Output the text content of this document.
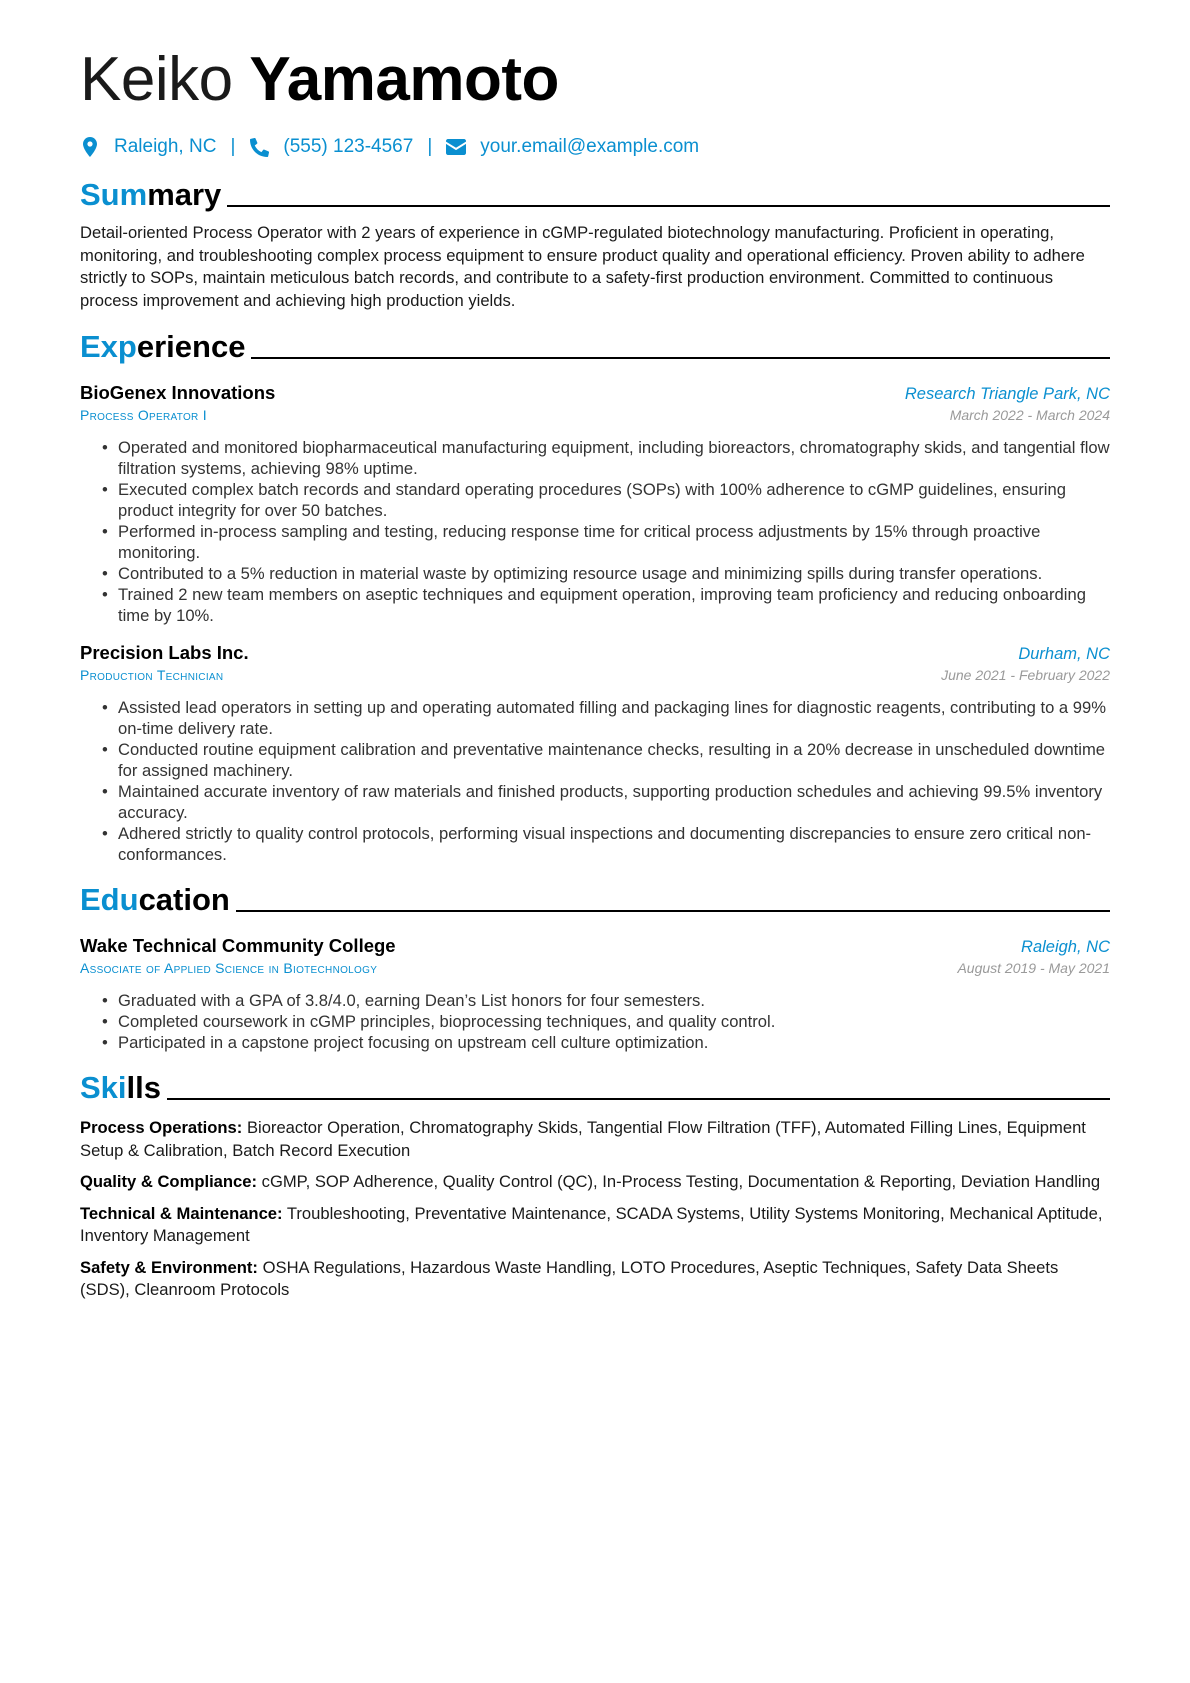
Keiko Yamamoto
Raleigh, NC |	(555) 123-4567 |	your.email@example.com
Summary

Detail-oriented Process Operator with 2 years of experience in cGMP-regulated biotechnology manufacturing. Proficient in operating, monitoring, and troubleshooting complex process equipment to ensure product quality and operational efficiency. Proven ability to adhere strictly to SOPs, maintain meticulous batch records, and contribute to a safety-first production environment. Committed to continuous process improvement and achieving high production yields.

Experience
BioGenex Innovations	Research Triangle Park, NC
Process Operator I	March 2022 - March 2024
• Operated and monitored biopharmaceutical manufacturing equipment, including bioreactors, chromatography skids, and tangential flow filtration systems, achieving 98% uptime.
• Executed complex batch records and standard operating procedures (SOPs) with 100% adherence to cGMP guidelines, ensuring product integrity for over 50 batches.
• Performed in-process sampling and testing, reducing response time for critical process adjustments by 15% through proactive monitoring.
• Contributed to a 5% reduction in material waste by optimizing resource usage and minimizing spills during transfer operations.
• Trained 2 new team members on aseptic techniques and equipment operation, improving team proficiency and reducing onboarding time by 10%.
Precision Labs Inc.	Durham, NC
Production Technician	June 2021 - February 2022
• Assisted lead operators in setting up and operating automated filling and packaging lines for diagnostic reagents, contributing to a 99% on-time delivery rate.
• Conducted routine equipment calibration and preventative maintenance checks, resulting in a 20% decrease in unscheduled downtime for assigned machinery.
• Maintained accurate inventory of raw materials and finished products, supporting production schedules and achieving 99.5% inventory accuracy.
• Adhered strictly to quality control protocols, performing visual inspections and documenting discrepancies to ensure zero critical non-conformances.
Education
Wake Technical Community College	Raleigh, NC
Associate of Applied Science in Biotechnology	August 2019 - May 2021
• Graduated with a GPA of 3.8/4.0, earning Dean’s List honors for four semesters.
• Completed coursework in cGMP principles, bioprocessing techniques, and quality control.
• Participated in a capstone project focusing on upstream cell culture optimization.
Skills

Process Operations: Bioreactor Operation, Chromatography Skids, Tangential Flow Filtration (TFF), Automated Filling Lines, Equipment Setup & Calibration, Batch Record Execution

Quality & Compliance: cGMP, SOP Adherence, Quality Control (QC), In-Process Testing, Documentation & Reporting, Deviation Handling

Technical & Maintenance: Troubleshooting, Preventative Maintenance, SCADA Systems, Utility Systems Monitoring, Mechanical Aptitude, Inventory Management

Safety & Environment: OSHA Regulations, Hazardous Waste Handling, LOTO Procedures, Aseptic Techniques, Safety Data Sheets (SDS), Cleanroom Protocols
